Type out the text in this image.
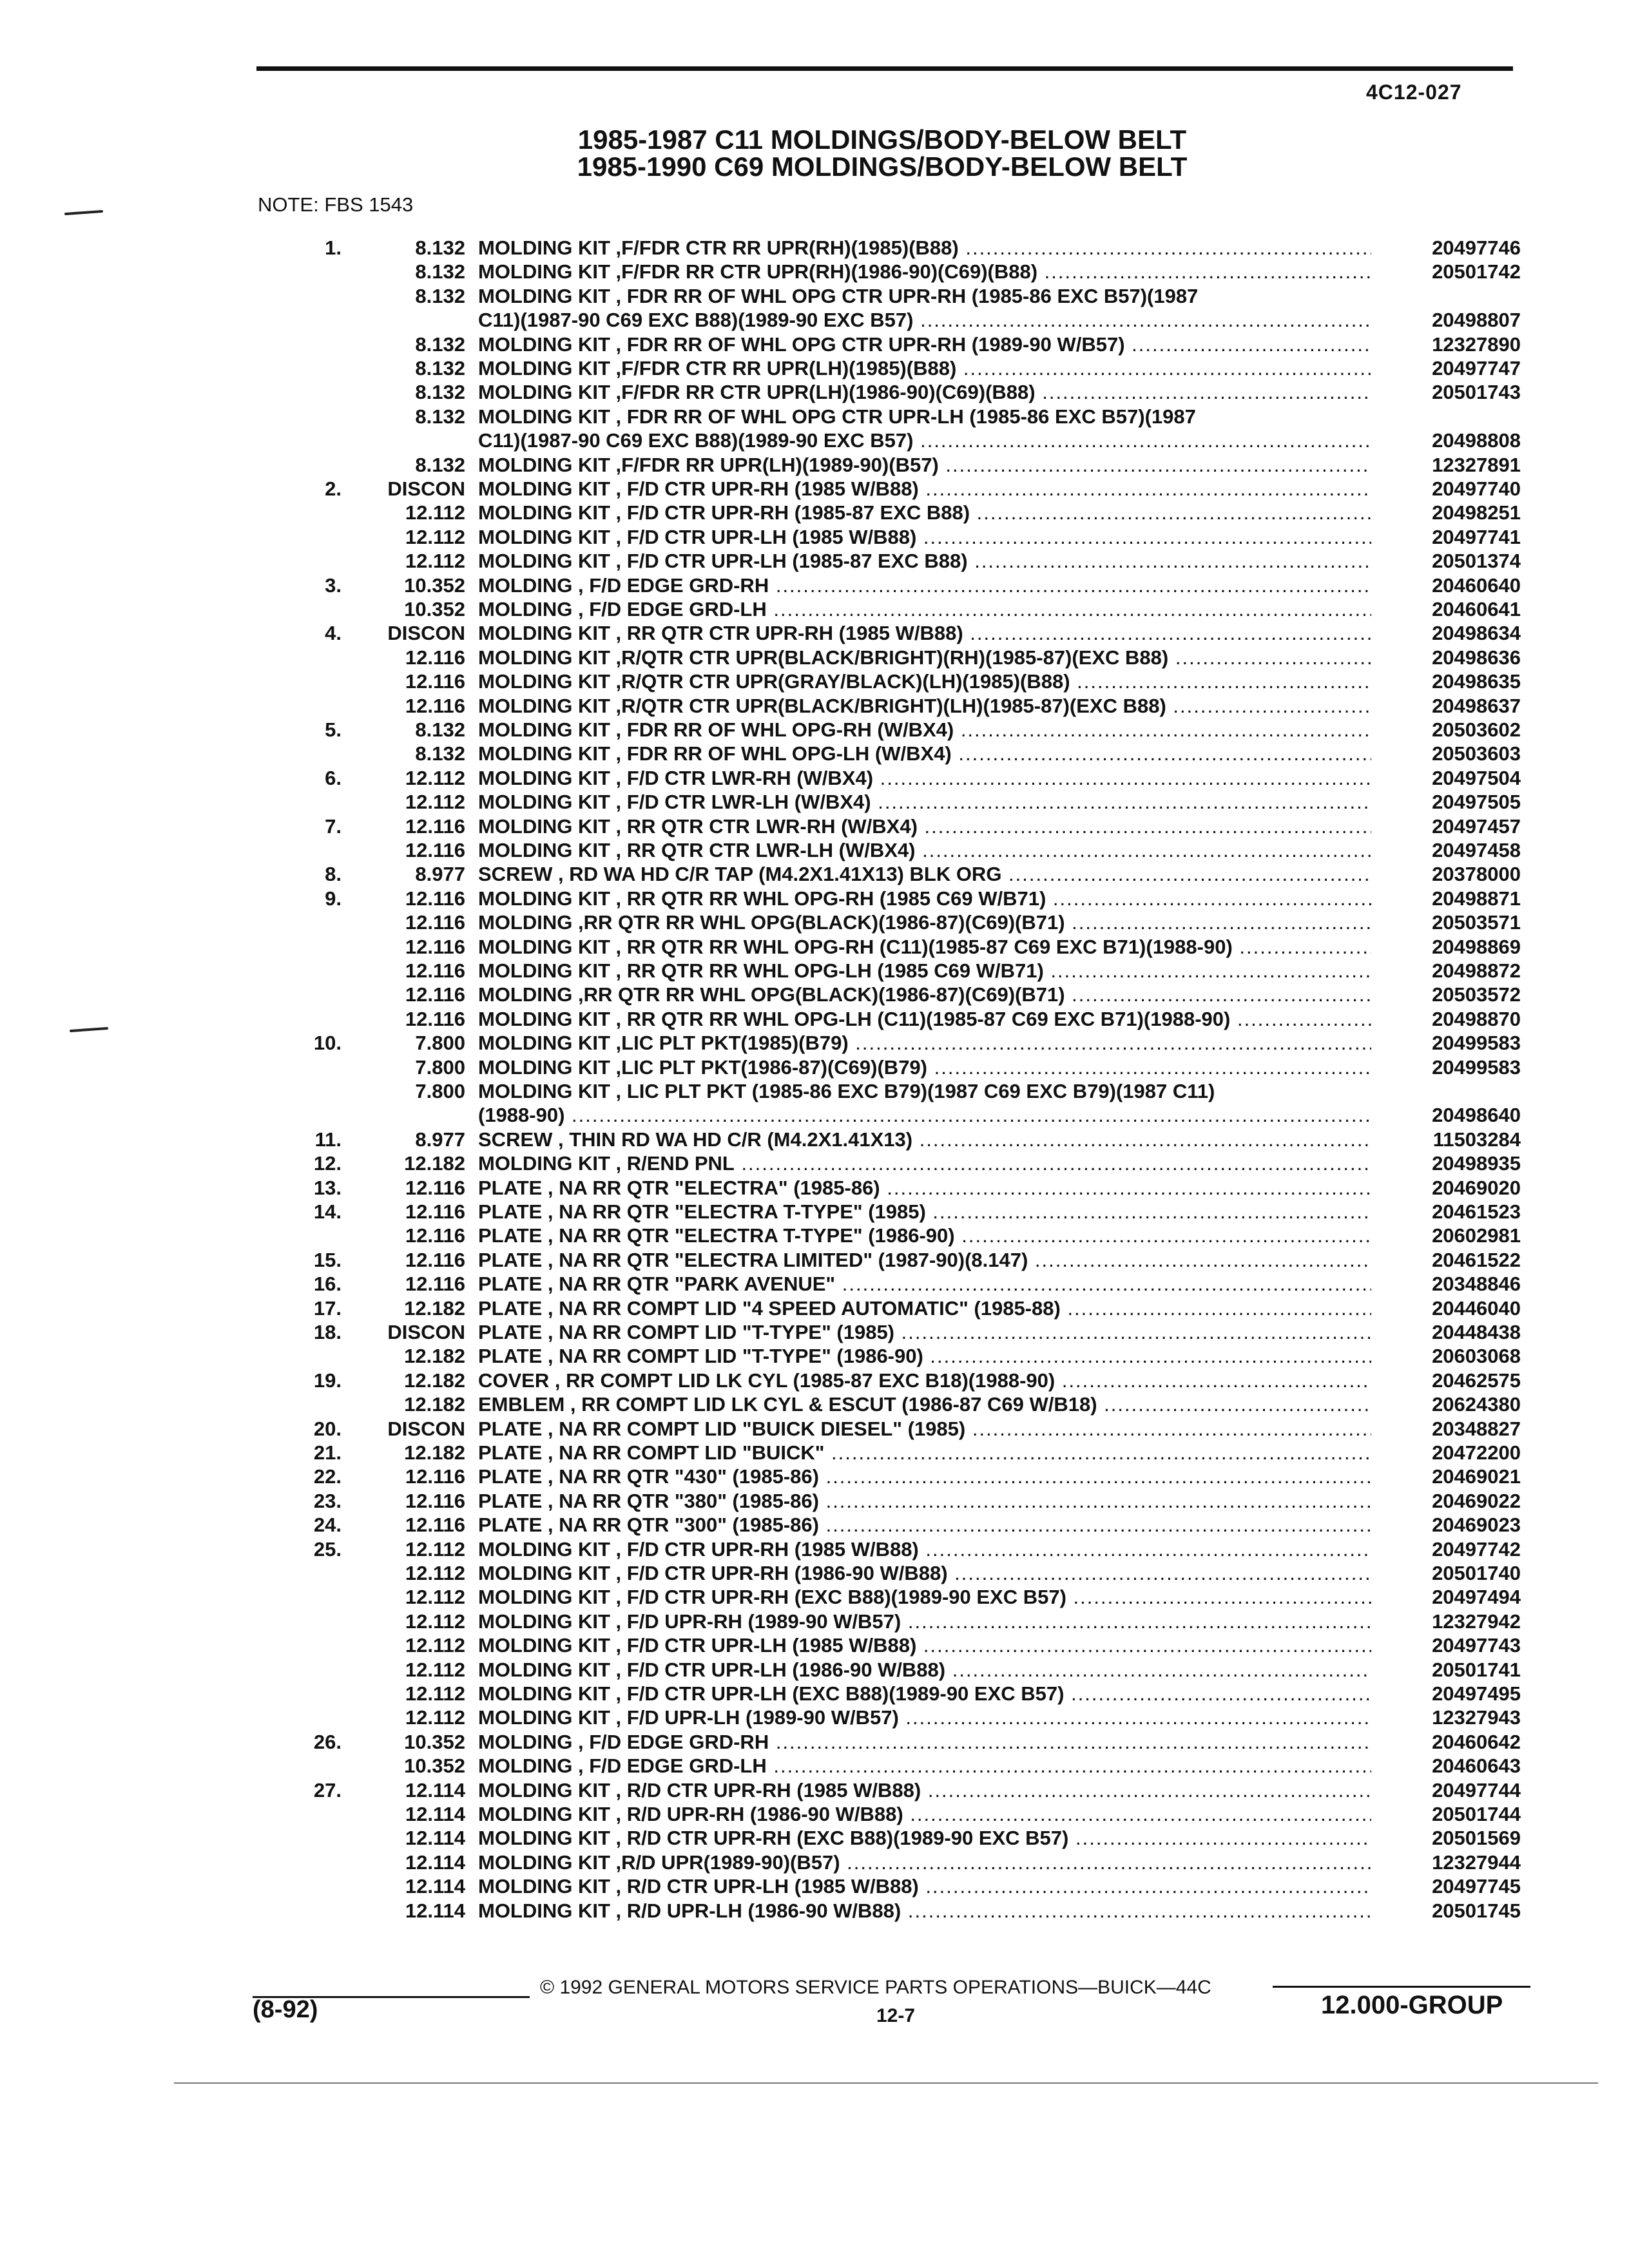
4C12-027
1985-1987 C11 MOLDINGS/BODY-BELOW BELT
1985-1990 C69 MOLDINGS/BODY-BELOW BELT
NOTE: FBS 1543
1.	8.132 MOLDING KIT ,F/FDR CTR RR UPR(RH)(1985)(B88) .....	20497746
8.132 MOLDING KIT ,F/FDR RR CTR UPR(RH)(1986-90)(C69)(B88) .....	20501742
8.132 MOLDING KIT , FDR RR OF WHL OPG CTR UPR-RH (1985-86 EXC B57)(1987
C11)(1987-90 C69 EXC B88)(1989-90 EXC B57) .....	20498807
8.132 MOLDING KIT , FDR RR OF WHL OPG CTR UPR-RH (1989-90 W/B57) .....	12327890
8.132 MOLDING KIT ,F/FDR CTR RR UPR(LH)(1985)(B88) .....	20497747
8.132 MOLDING KIT ,F/FDR RR CTR UPR(LH)(1986-90)(C69)(B88) .....	20501743
8.132 MOLDING KIT , FDR RR OF WHL OPG CTR UPR-LH (1985-86 EXC B57)(1987
C11)(1987-90 C69 EXC B88)(1989-90 EXC B57) .....	20498808
8.132 MOLDING KIT ,F/FDR RR UPR(LH)(1989-90)(B57) .....	12327891
2.	DISCON MOLDING KIT , F/D CTR UPR-RH (1985 W/B88) .....	20497740
12.112 MOLDING KIT , F/D CTR UPR-RH (1985-87 EXC B88) .....	20498251
12.112 MOLDING KIT , F/D CTR UPR-LH (1985 W/B88) .....	20497741
12.112 MOLDING KIT , F/D CTR UPR-LH (1985-87 EXC B88) .....	20501374
3.	10.352 MOLDING , F/D EDGE GRD-RH .....	20460640
10.352 MOLDING , F/D EDGE GRD-LH .....	20460641
4.	DISCON MOLDING KIT , RR QTR CTR UPR-RH (1985 W/B88) .....	20498634
12.116 MOLDING KIT ,R/QTR CTR UPR(BLACK/BRIGHT)(RH)(1985-87)(EXC B88) .....	20498636
12.116 MOLDING KIT ,R/QTR CTR UPR(GRAY/BLACK)(LH)(1985)(B88) .....	20498635
12.116 MOLDING KIT ,R/QTR CTR UPR(BLACK/BRIGHT)(LH)(1985-87)(EXC B88) .....	20498637
5.	8.132 MOLDING KIT , FDR RR OF WHL OPG-RH (W/BX4) .....	20503602
8.132 MOLDING KIT , FDR RR OF WHL OPG-LH (W/BX4) .....	20503603
6.	12.112 MOLDING KIT , F/D CTR LWR-RH (W/BX4) .....	20497504
12.112 MOLDING KIT , F/D CTR LWR-LH (W/BX4) .....	20497505
7.	12.116 MOLDING KIT , RR QTR CTR LWR-RH (W/BX4) .....	20497457
12.116 MOLDING KIT , RR QTR CTR LWR-LH (W/BX4) .....	20497458
8.	8.977 SCREW , RD WA HD C/R TAP (M4.2X1.41X13) BLK ORG .....	20378000
9.	12.116 MOLDING KIT , RR QTR RR WHL OPG-RH (1985 C69 W/B71) .....	20498871
12.116 MOLDING ,RR QTR RR WHL OPG(BLACK)(1986-87)(C69)(B71) .....	20503571
12.116 MOLDING KIT , RR QTR RR WHL OPG-RH (C11)(1985-87 C69 EXC B71)(1988-90) .....	20498869
12.116 MOLDING KIT , RR QTR RR WHL OPG-LH (1985 C69 W/B71) .....	20498872
12.116 MOLDING ,RR QTR RR WHL OPG(BLACK)(1986-87)(C69)(B71) .....	20503572
12.116 MOLDING KIT , RR QTR RR WHL OPG-LH (C11)(1985-87 C69 EXC B71)(1988-90) .....	20498870
10.	7.800 MOLDING KIT ,LIC PLT PKT(1985)(B79) .....	20499583
7.800 MOLDING KIT ,LIC PLT PKT(1986-87)(C69)(B79) .....	20499583
7.800 MOLDING KIT , LIC PLT PKT (1985-86 EXC B79)(1987 C69 EXC B79)(1987 C11)
(1988-90) .....	20498640
11.	8.977 SCREW , THIN RD WA HD C/R (M4.2X1.41X13) .....	11503284
12.	12.182 MOLDING KIT , R/END PNL .....	20498935
13.	12.116 PLATE , NA RR QTR "ELECTRA" (1985-86) .....	20469020
14.	12.116 PLATE , NA RR QTR "ELECTRA T-TYPE" (1985) .....	20461523
12.116 PLATE , NA RR QTR "ELECTRA T-TYPE" (1986-90) .....	20602981
15.	12.116 PLATE , NA RR QTR "ELECTRA LIMITED" (1987-90)(8.147) .....	20461522
16.	12.116 PLATE , NA RR QTR "PARK AVENUE" .....	20348846
17.	12.182 PLATE , NA RR COMPT LID "4 SPEED AUTOMATIC" (1985-88) .....	20446040
18.	DISCON PLATE , NA RR COMPT LID "T-TYPE" (1985) .....	20448438
12.182 PLATE , NA RR COMPT LID "T-TYPE" (1986-90) .....	20603068
19.	12.182 COVER , RR COMPT LID LK CYL (1985-87 EXC B18)(1988-90) .....	20462575
12.182 EMBLEM , RR COMPT LID LK CYL & ESCUT (1986-87 C69 W/B18) .....	20624380
20.	DISCON PLATE , NA RR COMPT LID "BUICK DIESEL" (1985) .....	20348827
21.	12.182 PLATE , NA RR COMPT LID "BUICK" .....	20472200
22.	12.116 PLATE , NA RR QTR "430" (1985-86) .....	20469021
23.	12.116 PLATE , NA RR QTR "380" (1985-86) .....	20469022
24.	12.116 PLATE , NA RR QTR "300" (1985-86) .....	20469023
25.	12.112 MOLDING KIT , F/D CTR UPR-RH (1985 W/B88) .....	20497742
12.112 MOLDING KIT , F/D CTR UPR-RH (1986-90 W/B88) .....	20501740
12.112 MOLDING KIT , F/D CTR UPR-RH (EXC B88)(1989-90 EXC B57) .....	20497494
12.112 MOLDING KIT , F/D UPR-RH (1989-90 W/B57) .....	12327942
12.112 MOLDING KIT , F/D CTR UPR-LH (1985 W/B88) .....	20497743
12.112 MOLDING KIT , F/D CTR UPR-LH (1986-90 W/B88) .....	20501741
12.112 MOLDING KIT , F/D CTR UPR-LH (EXC B88)(1989-90 EXC B57) .....	20497495
12.112 MOLDING KIT , F/D UPR-LH (1989-90 W/B57) .....	12327943
26.	10.352 MOLDING , F/D EDGE GRD-RH .....	20460642
10.352 MOLDING , F/D EDGE GRD-LH .....	20460643
27.	12.114 MOLDING KIT , R/D CTR UPR-RH (1985 W/B88) .....	20497744
12.114 MOLDING KIT , R/D UPR-RH (1986-90 W/B88) .....	20501744
12.114 MOLDING KIT , R/D CTR UPR-RH (EXC B88)(1989-90 EXC B57) .....	20501569
12.114 MOLDING KIT ,R/D UPR(1989-90)(B57) .....	12327944
12.114 MOLDING KIT , R/D CTR UPR-LH (1985 W/B88) .....	20497745
12.114 MOLDING KIT , R/D UPR-LH (1986-90 W/B88) .....	20501745
(8-92)
© 1992 GENERAL MOTORS SERVICE PARTS OPERATIONS—BUICK—44C
12-7	12.000-GROUP
